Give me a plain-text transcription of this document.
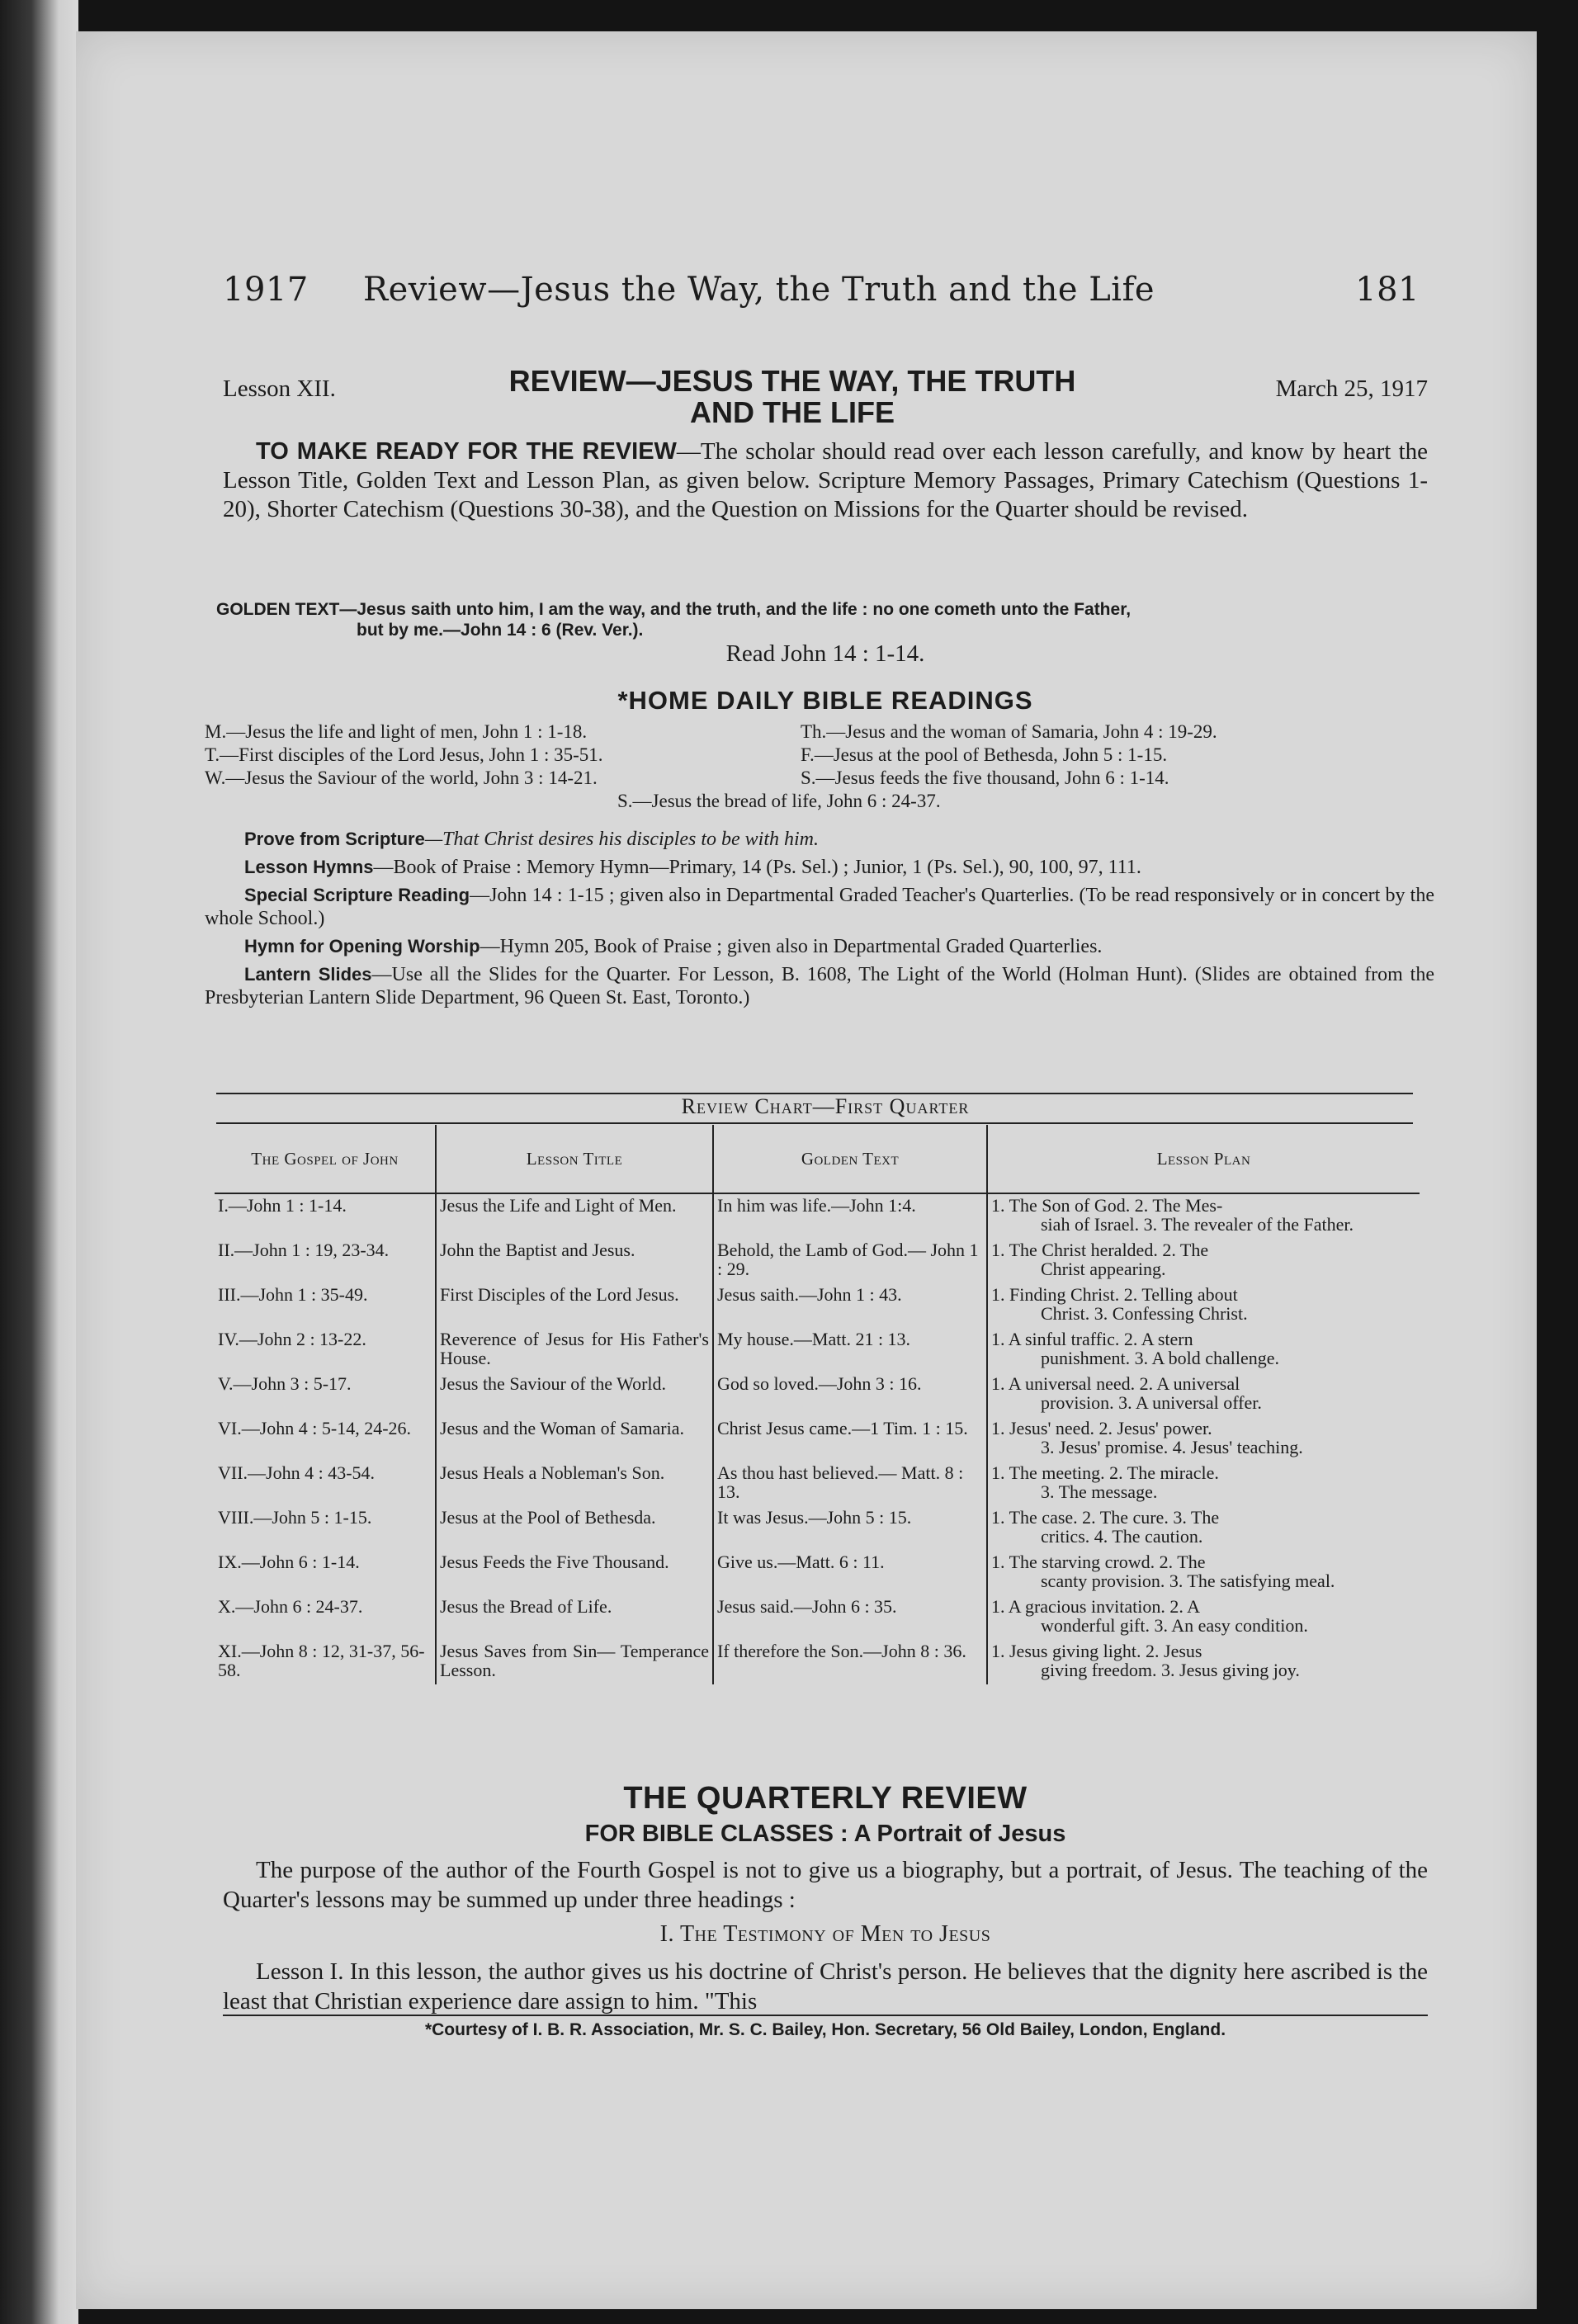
1917 Review—Jesus the Way, the Truth and the Life	181
Lesson XII.	REVIEW—JESUS THE WAY, THE TRUTH
AND THE LIFE
March 25, 1917
TO MAKE READY FOR THE REVIEW—The scholar should read over each lesson carefully, and know by heart the Lesson Title, Golden Text and Lesson Plan, as given below. Scripture Memory Passages, Primary Catechism (Questions 1-20), Shorter Catechism (Questions 30-38), and the Question on Missions for the Quarter should be revised.
GOLDEN TEXT—Jesus saith unto him, I am the way, and the truth, and the life : no one cometh unto the Father,
but by me.—John 14 : 6 (Rev. Ver.).
Read John 14 : 1-14.
*HOME DAILY BIBLE READINGS
M.—Jesus the life and light of men, John 1 : 1-18.	Th.—Jesus and the woman of Samaria, John 4 : 19-29.
T.—First disciples of the Lord Jesus, John 1 : 35-51.	F.—Jesus at the pool of Bethesda, John 5 : 1-15.
W.—Jesus the Saviour of the world, John 3 : 14-21.	S.—Jesus feeds the five thousand, John 6 : 1-14.
S.—Jesus the bread of life, John 6 : 24-37.

Prove from Scripture—That Christ desires his disciples to be with him.

Lesson Hymns—Book of Praise : Memory Hymn—Primary, 14 (Ps. Sel.) ; Junior, 1 (Ps. Sel.), 90, 100, 97, 111.

Special Scripture Reading—John 14 : 1-15 ; given also in Departmental Graded Teacher's Quarterlies. (To be read responsively or in concert by the whole School.)

Hymn for Opening Worship—Hymn 205, Book of Praise ; given also in Departmental Graded Quarterlies.

Lantern Slides—Use all the Slides for the Quarter. For Lesson, B. 1608, The Light of the World (Holman Hunt). (Slides are obtained from the Presbyterian Lantern Slide Department, 96 Queen St. East, Toronto.)

Review Chart—First Quarter
The Gospel of John	Lesson Title	Golden Text	Lesson Plan
I.—John 1 : 1-14.	Jesus the Life and Light of Men.	In him was life.—John 1:4.	1. The Son of God. 2. The Mes-
siah of Israel. 3. The revealer of the Father.

II.—John 1 : 19, 23-34.	John the Baptist and Jesus.	Behold, the Lamb of God.— John 1 : 29.	1. The Christ heralded. 2. The
Christ appearing.

III.—John 1 : 35-49.	First Disciples of the Lord Jesus.	Jesus saith.—John 1 : 43.	1. Finding Christ. 2. Telling about
Christ. 3. Confessing Christ.

IV.—John 2 : 13-22.	Reverence of Jesus for His Father's House.	My house.—Matt. 21 : 13.	1. A sinful traffic. 2. A stern
punishment. 3. A bold challenge.

V.—John 3 : 5-17.	Jesus the Saviour of the World.	God so loved.—John 3 : 16.	1. A universal need. 2. A universal
provision. 3. A universal offer.

VI.—John 4 : 5-14, 24-26.	Jesus and the Woman of Samaria.	Christ Jesus came.—1 Tim. 1 : 15.	1. Jesus' need. 2. Jesus' power.
3. Jesus' promise. 4. Jesus' teaching.

VII.—John 4 : 43-54.	Jesus Heals a Nobleman's Son.	As thou hast believed.— Matt. 8 : 13.	1. The meeting. 2. The miracle.
3. The message.

VIII.—John 5 : 1-15.	Jesus at the Pool of Bethesda.	It was Jesus.—John 5 : 15.	1. The case. 2. The cure. 3. The
critics. 4. The caution.

IX.—John 6 : 1-14.	Jesus Feeds the Five Thousand.	Give us.—Matt. 6 : 11.	1. The starving crowd. 2. The
scanty provision. 3. The satisfying meal.

X.—John 6 : 24-37.	Jesus the Bread of Life.	Jesus said.—John 6 : 35.	1. A gracious invitation. 2. A
wonderful gift. 3. An easy condition.

XI.—John 8 : 12, 31-37, 56-58.	Jesus Saves from Sin— Temperance Lesson.	If therefore the Son.—John 8 : 36.	1. Jesus giving light. 2. Jesus
giving freedom. 3. Jesus giving joy.
THE QUARTERLY REVIEW
FOR BIBLE CLASSES : A Portrait of Jesus

The purpose of the author of the Fourth Gospel is not to give us a biography, but a portrait, of Jesus. The teaching of the Quarter's lessons may be summed up under three headings :

I. The Testimony of Men to Jesus

Lesson I. In this lesson, the author gives us his doctrine of Christ's person. He believes that the dignity here ascribed is the least that Christian experience dare assign to him. "This

*Courtesy of I. B. R. Association, Mr. S. C. Bailey, Hon. Secretary, 56 Old Bailey, London, England.
